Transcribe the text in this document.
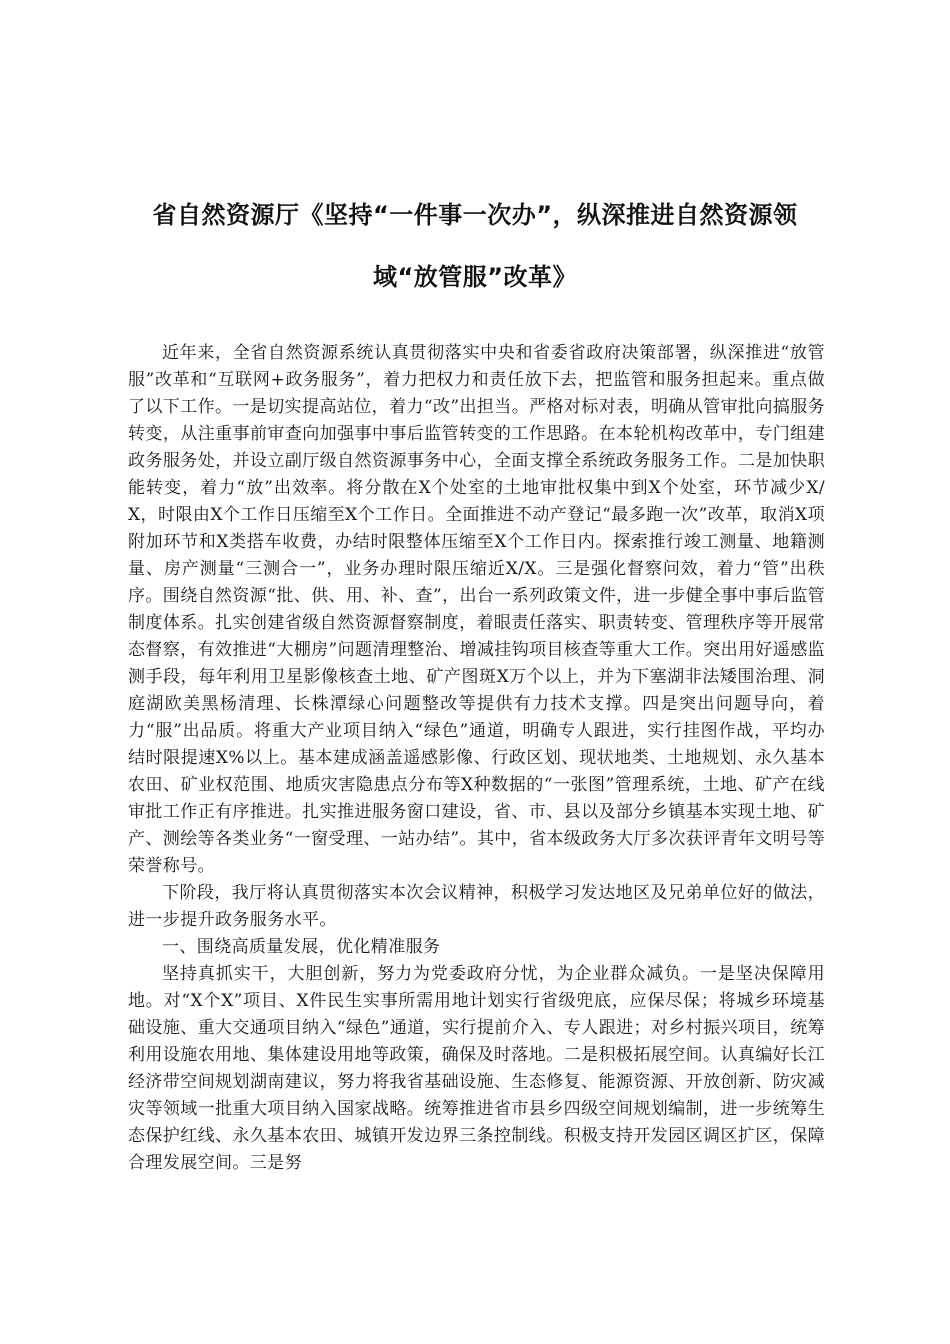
省自然资源厅《坚持“一件事一次办”，纵深推进自然资源领
域“放管服”改革》

近年来，全省自然资源系统认真贯彻落实中央和省委省政府决策部署，纵深推进“放管服”改革和“互联网+政务服务”，着力把权力和责任放下去，把监管和服务担起来。重点做了以下工作。一是切实提高站位，着力“改”出担当。严格对标对表，明确从管审批向搞服务转变，从注重事前审查向加强事中事后监管转变的工作思路。在本轮机构改革中，专门组建政务服务处，并设立副厅级自然资源事务中心，全面支撑全系统政务服务工作。二是加快职能转变，着力“放”出效率。将分散在X个处室的土地审批权集中到X个处室，环节减少X/X，时限由X个工作日压缩至X个工作日。全面推进不动产登记“最多跑一次”改革，取消X项附加环节和X类搭车收费，办结时限整体压缩至X个工作日内。探索推行竣工测量、地籍测量、房产测量“三测合一”，业务办理时限压缩近X/X。三是强化督察问效，着力“管”出秩序。围绕自然资源“批、供、用、补、查”，出台一系列政策文件，进一步健全事中事后监管制度体系。扎实创建省级自然资源督察制度，着眼责任落实、职责转变、管理秩序等开展常态督察，有效推进“大棚房”问题清理整治、增减挂钩项目核查等重大工作。突出用好遥感监测手段，每年利用卫星影像核查土地、矿产图斑X万个以上，并为下塞湖非法矮围治理、洞庭湖欧美黑杨清理、长株潭绿心问题整改等提供有力技术支撑。四是突出问题导向，着力“服”出品质。将重大产业项目纳入“绿色”通道，明确专人跟进，实行挂图作战，平均办结时限提速X%以上。基本建成涵盖遥感影像、行政区划、现状地类、土地规划、永久基本农田、矿业权范围、地质灾害隐患点分布等X种数据的“一张图”管理系统，土地、矿产在线审批工作正有序推进。扎实推进服务窗口建设，省、市、县以及部分乡镇基本实现土地、矿产、测绘等各类业务“一窗受理、一站办结”。其中，省本级政务大厅多次获评青年文明号等荣誉称号。

下阶段，我厅将认真贯彻落实本次会议精神，积极学习发达地区及兄弟单位好的做法，进一步提升政务服务水平。

一、围绕高质量发展，优化精准服务

坚持真抓实干，大胆创新，努力为党委政府分忧，为企业群众减负。一是坚决保障用地。对“X个X”项目、X件民生实事所需用地计划实行省级兜底，应保尽保；将城乡环境基础设施、重大交通项目纳入“绿色”通道，实行提前介入、专人跟进；对乡村振兴项目，统筹利用设施农用地、集体建设用地等政策，确保及时落地。二是积极拓展空间。认真编好长江经济带空间规划湖南建议，努力将我省基础设施、生态修复、能源资源、开放创新、防灾减灾等领域一批重大项目纳入国家战略。统筹推进省市县乡四级空间规划编制，进一步统筹生态保护红线、永久基本农田、城镇开发边界三条控制线。积极支持开发园区调区扩区，保障合理发展空间。三是努
